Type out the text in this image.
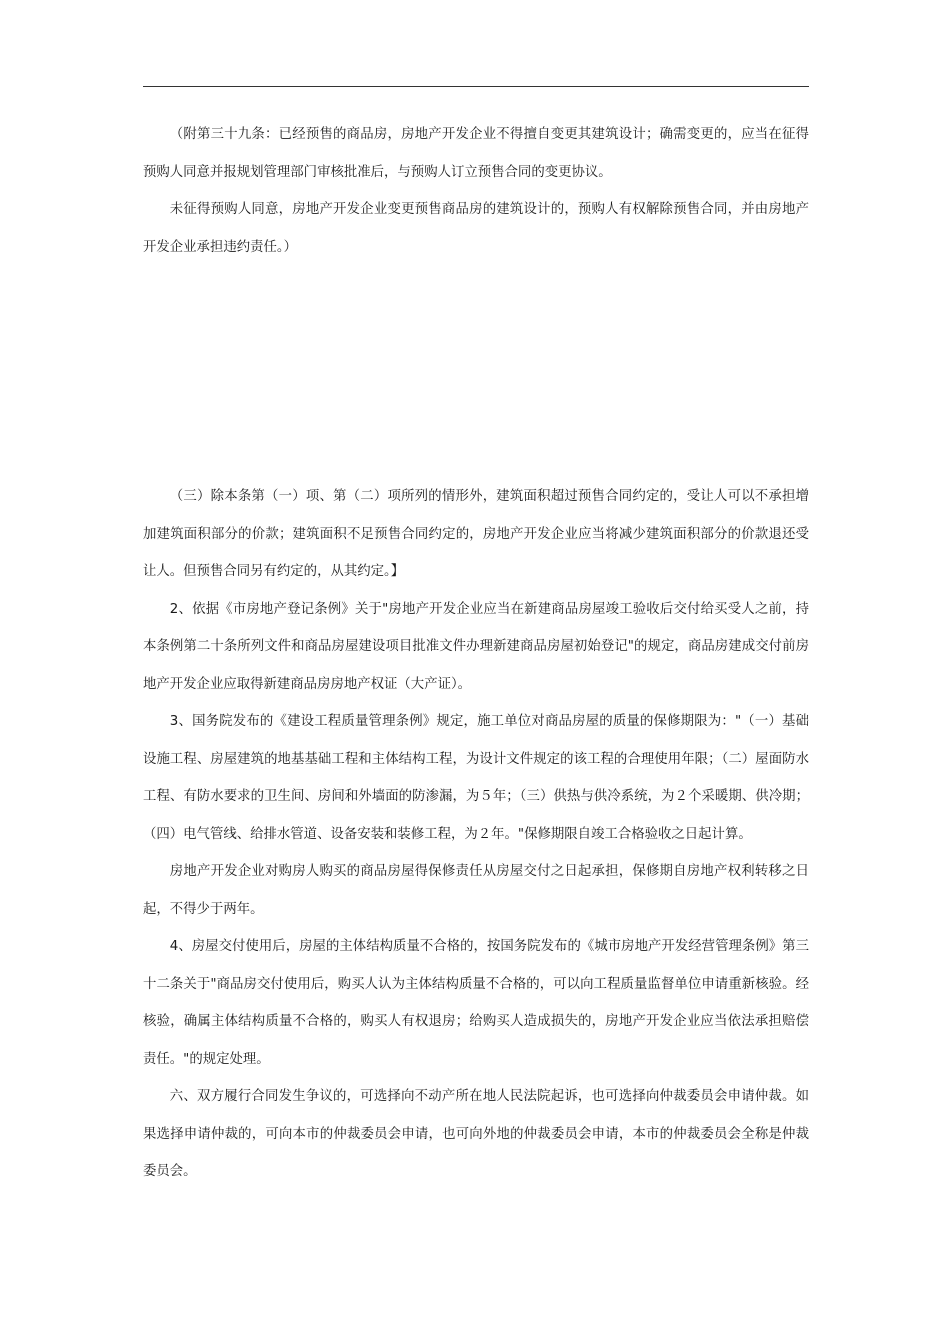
（附第三十九条：已经预售的商品房，房地产开发企业不得擅自变更其建筑设计；确需变更的，应当在征得预购人同意并报规划管理部门审核批准后，与预购人订立预售合同的变更协议。

未征得预购人同意，房地产开发企业变更预售商品房的建筑设计的，预购人有权解除预售合同，并由房地产开发企业承担违约责任。）

（三）除本条第（一）项、第（二）项所列的情形外，建筑面积超过预售合同约定的，受让人可以不承担增加建筑面积部分的价款；建筑面积不足预售合同约定的，房地产开发企业应当将减少建筑面积部分的价款退还受让人。但预售合同另有约定的，从其约定。】

2、依据《市房地产登记条例》关于"房地产开发企业应当在新建商品房屋竣工验收后交付给买受人之前，持本条例第二十条所列文件和商品房屋建设项目批准文件办理新建商品房屋初始登记"的规定，商品房建成交付前房地产开发企业应取得新建商品房房地产权证（大产证）。

3、国务院发布的《建设工程质量管理条例》规定，施工单位对商品房屋的质量的保修期限为："（一）基础设施工程、房屋建筑的地基基础工程和主体结构工程，为设计文件规定的该工程的合理使用年限；（二）屋面防水工程、有防水要求的卫生间、房间和外墙面的防渗漏，为５年；（三）供热与供冷系统，为２个采暖期、供冷期；（四）电气管线、给排水管道、设备安装和装修工程，为２年。"保修期限自竣工合格验收之日起计算。

房地产开发企业对购房人购买的商品房屋得保修责任从房屋交付之日起承担，保修期自房地产权利转移之日起，不得少于两年。

4、房屋交付使用后，房屋的主体结构质量不合格的，按国务院发布的《城市房地产开发经营管理条例》第三十二条关于"商品房交付使用后，购买人认为主体结构质量不合格的，可以向工程质量监督单位申请重新核验。经核验，确属主体结构质量不合格的，购买人有权退房；给购买人造成损失的，房地产开发企业应当依法承担赔偿责任。"的规定处理。

六、双方履行合同发生争议的，可选择向不动产所在地人民法院起诉，也可选择向仲裁委员会申请仲裁。如果选择申请仲裁的，可向本市的仲裁委员会申请，也可向外地的仲裁委员会申请，本市的仲裁委员会全称是仲裁委员会。
